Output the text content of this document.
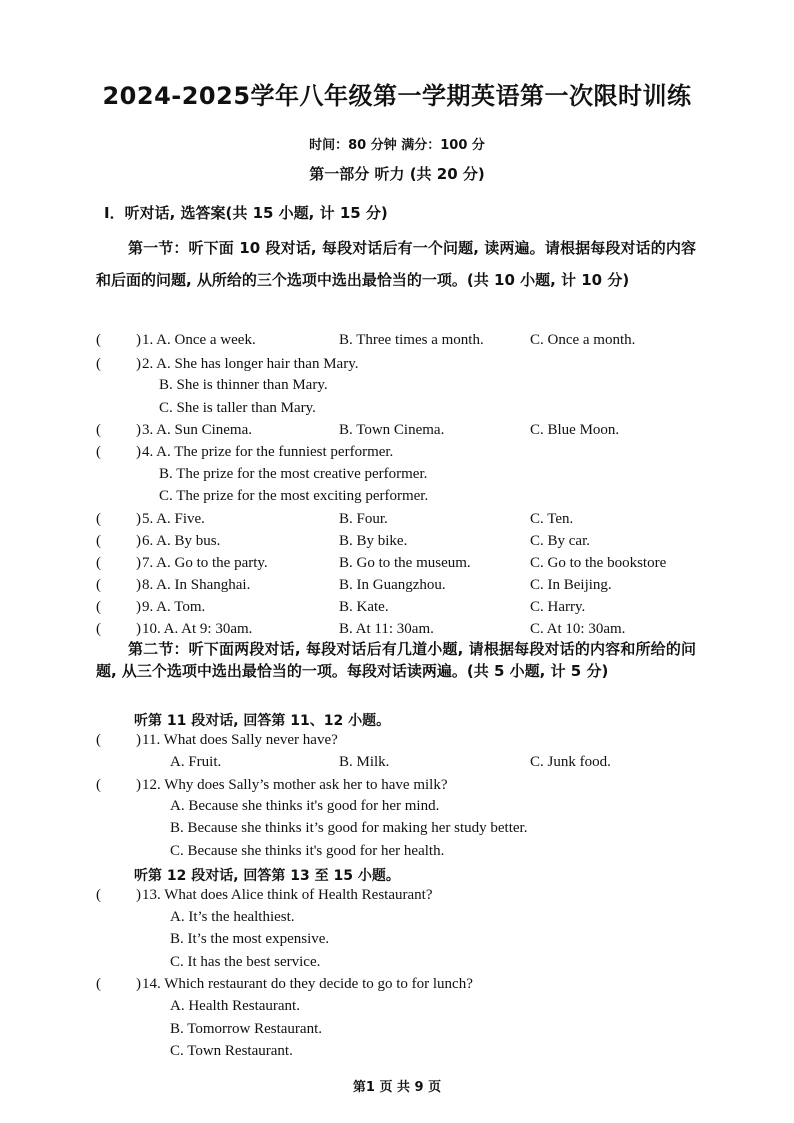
2024-2025学年八年级第一学期英语第一次限时训练
时间：80 分钟 满分：100 分
第一部分 听力 (共 20 分)
I．听对话, 选答案(共 15 小题, 计 15 分)
第一节：听下面 10 段对话, 每段对话后有一个问题, 读两遍。请根据每段对话的内容和后面的问题, 从所给的三个选项中选出最恰当的一项。(共 10 小题, 计 10 分)
( ) 1. A. Once a week.	B. Three times a month.	C. Once a month.
( ) 2. A. She has longer hair than Mary.
B. She is thinner than Mary.
C. She is taller than Mary.
( ) 3. A. Sun Cinema.	B. Town Cinema.	C. Blue Moon.
( ) 4. A. The prize for the funniest performer.
B. The prize for the most creative performer.
C. The prize for the most exciting performer.
( ) 5. A. Five.	B. Four.	C. Ten.
( ) 6. A. By bus.	B. By bike.	C. By car.
( ) 7. A. Go to the party.	B. Go to the museum.	C. Go to the bookstore
( ) 8. A. In Shanghai.	B. In Guangzhou.	C. In Beijing.
( ) 9. A. Tom.	B. Kate.	C. Harry.
( ) 10. A. At 9: 30am.	B. At 11: 30am.	C. At 10: 30am.
第二节：听下面两段对话, 每段对话后有几道小题, 请根据每段对话的内容和所给的问题, 从三个选项中选出最恰当的一项。每段对话读两遍。(共 5 小题, 计 5 分)
听第 11 段对话, 回答第 11、12 小题。
( ) 11. What does Sally never have?
A. Fruit.	B. Milk.	C. Junk food.
( ) 12. Why does Sally’s mother ask her to have milk?
A. Because she thinks it's good for her mind.
B. Because she thinks it’s good for making her study better.
C. Because she thinks it's good for her health.
听第 12 段对话, 回答第 13 至 15 小题。
( ) 13. What does Alice think of Health Restaurant?
A. It’s the healthiest.
B. It’s the most expensive.
C. It has the best service.
( ) 14. Which restaurant do they decide to go to for lunch?
A. Health Restaurant.
B. Tomorrow Restaurant.
C. Town Restaurant.
第1 页 共 9 页
